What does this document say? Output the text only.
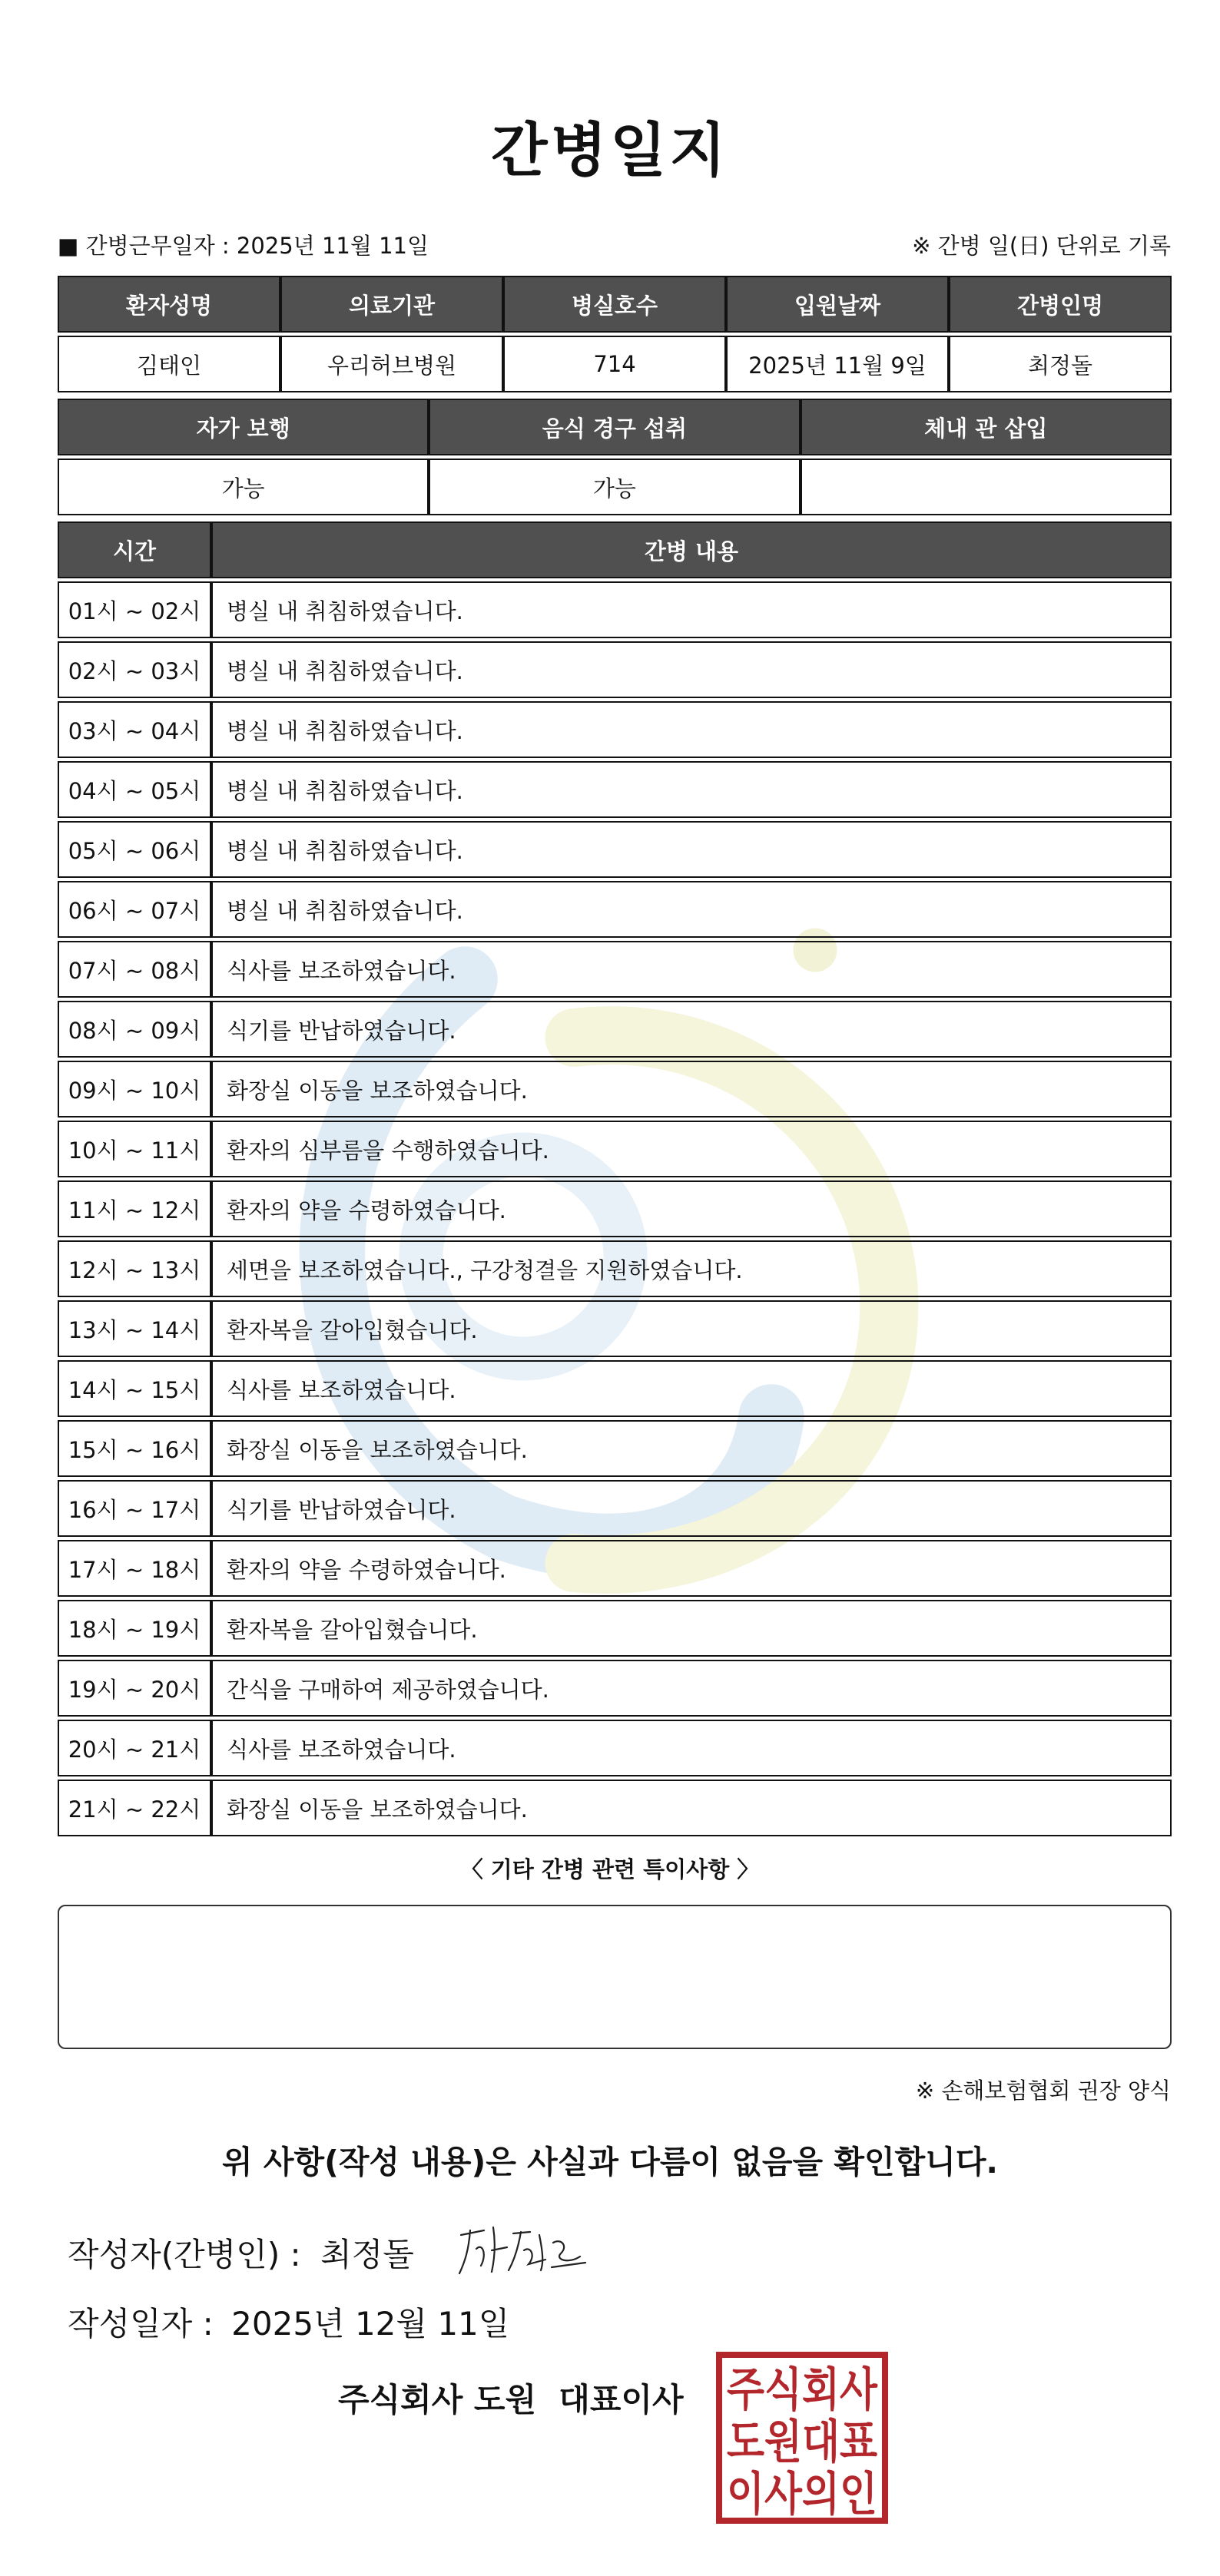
간병일지
■ 간병근무일자 : 2025년 11월 11일	※ 간병 일(日) 단위로 기록
환자성명	의료기관	병실호수	입원날짜	간병인명
김태인	우리허브병원	714	2025년 11월 9일	최정돌
자가 보행	음식 경구 섭취	체내 관 삽입
가능	가능	
시간	간병 내용
01시 ~ 02시	병실 내 취침하였습니다.
02시 ~ 03시	병실 내 취침하였습니다.
03시 ~ 04시	병실 내 취침하였습니다.
04시 ~ 05시	병실 내 취침하였습니다.
05시 ~ 06시	병실 내 취침하였습니다.
06시 ~ 07시	병실 내 취침하였습니다.
07시 ~ 08시	식사를 보조하였습니다.
08시 ~ 09시	식기를 반납하였습니다.
09시 ~ 10시	화장실 이동을 보조하였습니다.
10시 ~ 11시	환자의 심부름을 수행하였습니다.
11시 ~ 12시	환자의 약을 수령하였습니다.
12시 ~ 13시	세면을 보조하였습니다., 구강청결을 지원하였습니다.
13시 ~ 14시	환자복을 갈아입혔습니다.
14시 ~ 15시	식사를 보조하였습니다.
15시 ~ 16시	화장실 이동을 보조하였습니다.
16시 ~ 17시	식기를 반납하였습니다.
17시 ~ 18시	환자의 약을 수령하였습니다.
18시 ~ 19시	환자복을 갈아입혔습니다.
19시 ~ 20시	간식을 구매하여 제공하였습니다.
20시 ~ 21시	식사를 보조하였습니다.
21시 ~ 22시	화장실 이동을 보조하였습니다.
〈 기타 간병 관련 특이사항 〉
※ 손해보험협회 권장 양식
위 사항(작성 내용)은 사실과 다름이 없음을 확인합니다.
작성자(간병인) : 최정돌
작성일자 : 2025년 12월 11일
주식회사 도원  대표이사 주식회사
도원대표
이사의인
